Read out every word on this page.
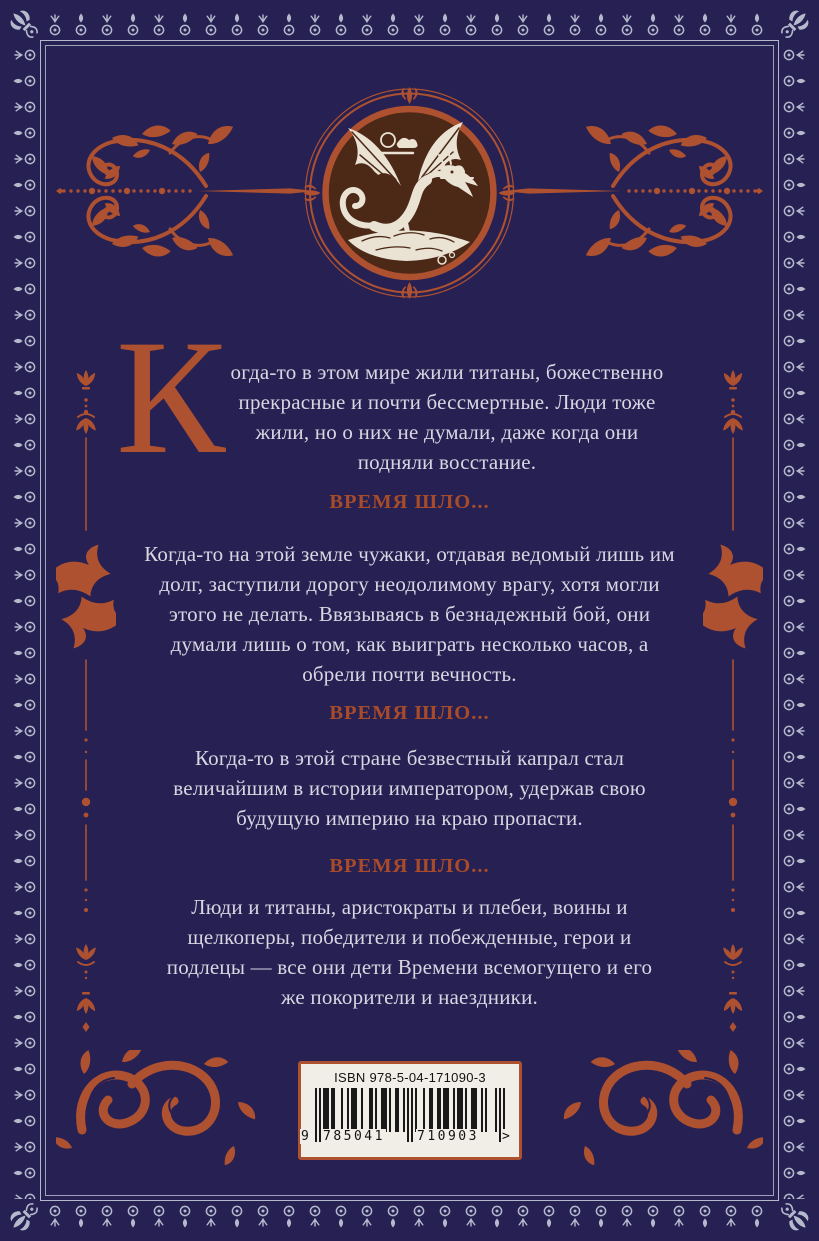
К огда-то в этом мире жили титаны, божественно прекрасные и почти бессмертные. Люди тоже жили, но о них не думали, даже когда они подняли восстание.
ВРЕМЯ ШЛО...
Когда-то на этой земле чужаки, отдавая ведомый лишь им долг, заступили дорогу неодолимому врагу, хотя могли этого не делать. Ввязываясь в безнадежный бой, они думали лишь о том, как выиграть несколько часов, а обрели почти вечность.
ВРЕМЯ ШЛО...
Когда-то в этой стране безвестный капрал стал величайшим в истории императором, удержав свою будущую империю на краю пропасти.
ВРЕМЯ ШЛО...
Люди и титаны, аристократы и плебеи, воины и щелкоперы, победители и побежденные, герои и подлецы — все они дети Времени всемогущего и его же покорители и наездники.
ISBN 978-5-04-171090-3
9 785041 710903 >
